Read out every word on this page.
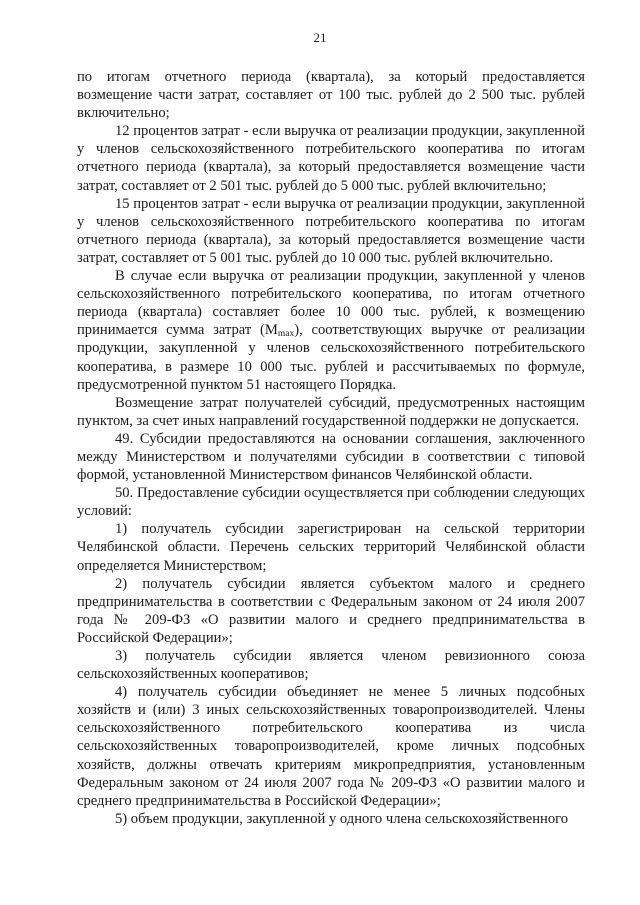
21

по итогам отчетного периода (квартала), за который предоставляется возмещение части затрат, составляет от 100 тыс. рублей до 2 500 тыс. рублей включительно;

12 процентов затрат - если выручка от реализации продукции, закупленной у членов сельскохозяйственного потребительского кооператива по итогам отчетного периода (квартала), за который предоставляется возмещение части затрат, составляет от 2 501 тыс. рублей до 5 000 тыс. рублей включительно;

15 процентов затрат - если выручка от реализации продукции, закупленной у членов сельскохозяйственного потребительского кооператива по итогам отчетного периода (квартала), за который предоставляется возмещение части затрат, составляет от 5 001 тыс. рублей до 10 000 тыс. рублей включительно.

В случае если выручка от реализации продукции, закупленной у членов сельскохозяйственного потребительского кооператива, по итогам отчетного периода (квартала) составляет более 10 000 тыс. рублей, к возмещению принимается сумма затрат $(M_{max})$, соответствующих выручке от реализации продукции, закупленной у членов сельскохозяйственного потребительского кооператива, в размере 10 000 тыс. рублей и рассчитываемых по формуле, предусмотренной пунктом 51 настоящего Порядка.

Возмещение затрат получателей субсидий, предусмотренных настоящим пунктом, за счет иных направлений государственной поддержки не допускается.

49. Субсидии предоставляются на основании соглашения, заключенного между Министерством и получателями субсидии в соответствии с типовой формой, установленной Министерством финансов Челябинской области.

50. Предоставление субсидии осуществляется при соблюдении следующих условий:

1) получатель субсидии зарегистрирован на сельской территории Челябинской области. Перечень сельских территорий Челябинской области определяется Министерством;

2) получатель субсидии является субъектом малого и среднего предпринимательства в соответствии с Федеральным законом от 24 июля 2007 года № 209-ФЗ «О развитии малого и среднего предпринимательства в Российской Федерации»;

3) получатель субсидии является членом ревизионного союза сельскохозяйственных кооперативов;

4) получатель субсидии объединяет не менее 5 личных подсобных хозяйств и (или) 3 иных сельскохозяйственных товаропроизводителей. Члены сельскохозяйственного потребительского кооператива из числа сельскохозяйственных товаропроизводителей, кроме личных подсобных хозяйств, должны отвечать критериям микропредприятия, установленным Федеральным законом от 24 июля 2007 года № 209-ФЗ «О развитии малого и среднего предпринимательства в Российской Федерации»;

5) объем продукции, закупленной у одного члена сельскохозяйственного
